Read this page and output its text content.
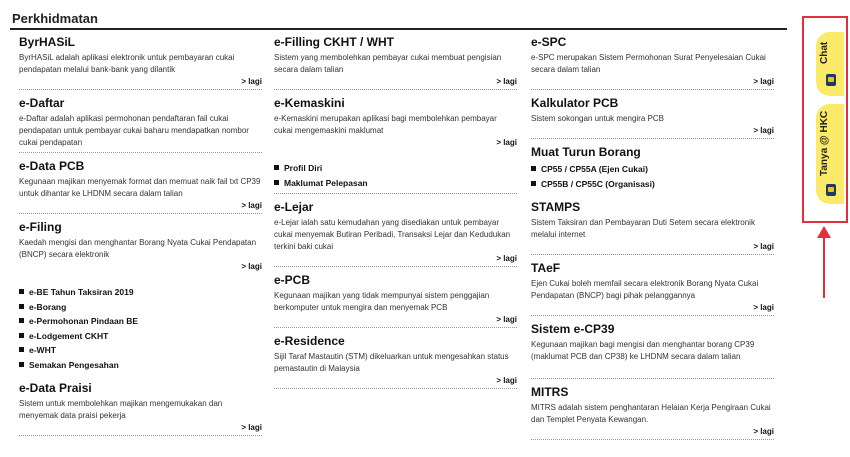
Perkhidmatan
ByrHASiL

ByrHASiL adalah aplikasi elektronik untuk pembayaran cukai pendapatan melalui bank-bank yang dilantik

> lagi
e-Daftar

e-Daftar adalah aplikasi permohonan pendaftaran fail cukai pendapatan untuk pembayar cukai baharu mendapatkan nombor cukai pendapatan

e-Data PCB

Kegunaan majikan menyemak format dan memuat naik fail txt CP39 untuk dihantar ke LHDNM secara dalam talian

> lagi
e-Filing

Kaedah mengisi dan menghantar Borang Nyata Cukai Pendapatan (BNCP) secara elektronik

> lagi
e-BE Tahun Taksiran 2019
e-Borang
e-Permohonan Pindaan BE
e-Lodgement CKHT
e-WHT
Semakan Pengesahan
e-Data Praisi

Sistem untuk membolehkan majikan mengemukakan dan menyemak data praisi pekerja

> lagi
e-Filling CKHT / WHT

Sistem yang membolehkan pembayar cukai membuat pengisian secara dalam talian

> lagi
e-Kemaskini

e-Kemaskini merupakan aplikasi bagi membolehkan pembayar cukai mengemaskini maklumat

> lagi
Profil Diri
Maklumat Pelepasan
e-Lejar

e-Lejar ialah satu kemudahan yang disediakan untuk pembayar cukai menyemak Butiran Peribadi, Transaksi Lejar dan Kedudukan terkini baki cukai

> lagi
e-PCB

Kegunaan majikan yang tidak mempunyai sistem penggajian berkomputer untuk mengira dan menyemak PCB

> lagi
e-Residence

Sijil Taraf Mastautin (STM) dikeluarkan untuk mengesahkan status pemastautin di Malaysia

> lagi
e-SPC

e-SPC merupakan Sistem Permohonan Surat Penyelesaian Cukai secara dalam talian

> lagi
Kalkulator PCB

Sistem sokongan untuk mengira PCB

> lagi
Muat Turun Borang
CP55 / CP55A (Ejen Cukai)
CP55B / CP55C (Organisasi)
STAMPS

Sistem Taksiran dan Pembayaran Duti Setem secara elektronik melalui internet

> lagi
TAeF

Ejen Cukai boleh memfail secara elektronik Borang Nyata Cukai Pendapatan (BNCP) bagi pihak pelanggannya

> lagi
Sistem e-CP39

Kegunaan majikan bagi mengisi dan menghantar borang CP39 (maklumat PCB dan CP38) ke LHDNM secara dalam talian

MITRS

MITRS adalah sistem penghantaran Helaian Kerja Pengiraan Cukai dan Templet Penyata Kewangan.

> lagi
Chat
Tanya @ HKC
